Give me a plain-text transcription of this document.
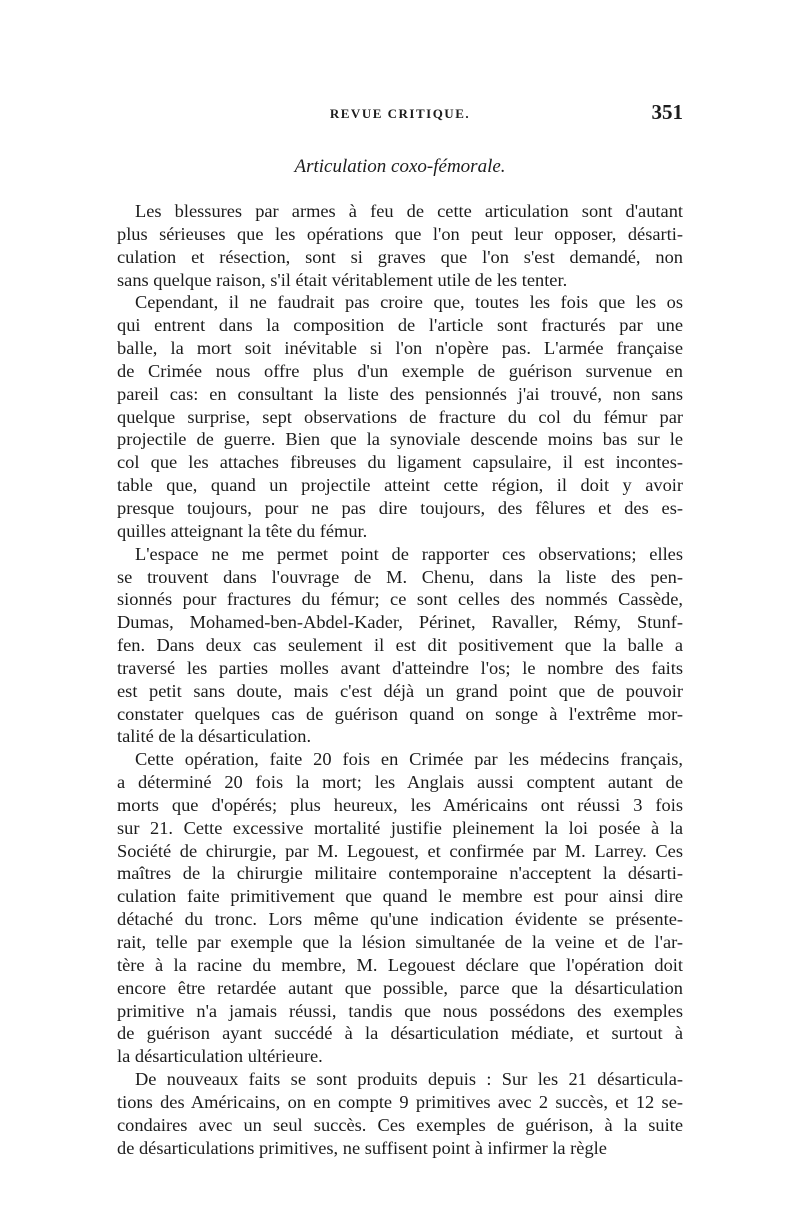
REVUE CRITIQUE.	351
Articulation coxo-fémorale.

Les blessures par armes à feu de cette articulation sont d'autant
plus sérieuses que les opérations que l'on peut leur opposer, désarti-
culation et résection, sont si graves que l'on s'est demandé, non
sans quelque raison, s'il était véritablement utile de les tenter.

Cependant, il ne faudrait pas croire que, toutes les fois que les os
qui entrent dans la composition de l'article sont fracturés par une
balle, la mort soit inévitable si l'on n'opère pas. L'armée française
de Crimée nous offre plus d'un exemple de guérison survenue en
pareil cas: en consultant la liste des pensionnés j'ai trouvé, non sans
quelque surprise, sept observations de fracture du col du fémur par
projectile de guerre. Bien que la synoviale descende moins bas sur le
col que les attaches fibreuses du ligament capsulaire, il est incontes-
table que, quand un projectile atteint cette région, il doit y avoir
presque toujours, pour ne pas dire toujours, des fêlures et des es-
quilles atteignant la tête du fémur.

L'espace ne me permet point de rapporter ces observations; elles
se trouvent dans l'ouvrage de M. Chenu, dans la liste des pen-
sionnés pour fractures du fémur; ce sont celles des nommés Cassède,
Dumas, Mohamed-ben-Abdel-Kader, Périnet, Ravaller, Rémy, Stunf-
fen. Dans deux cas seulement il est dit positivement que la balle a
traversé les parties molles avant d'atteindre l'os; le nombre des faits
est petit sans doute, mais c'est déjà un grand point que de pouvoir
constater quelques cas de guérison quand on songe à l'extrême mor-
talité de la désarticulation.

Cette opération, faite 20 fois en Crimée par les médecins français,
a déterminé 20 fois la mort; les Anglais aussi comptent autant de
morts que d'opérés; plus heureux, les Américains ont réussi 3 fois
sur 21. Cette excessive mortalité justifie pleinement la loi posée à la
Société de chirurgie, par M. Legouest, et confirmée par M. Larrey. Ces
maîtres de la chirurgie militaire contemporaine n'acceptent la désarti-
culation faite primitivement que quand le membre est pour ainsi dire
détaché du tronc. Lors même qu'une indication évidente se présente-
rait, telle par exemple que la lésion simultanée de la veine et de l'ar-
tère à la racine du membre, M. Legouest déclare que l'opération doit
encore être retardée autant que possible, parce que la désarticulation
primitive n'a jamais réussi, tandis que nous possédons des exemples
de guérison ayant succédé à la désarticulation médiate, et surtout à
la désarticulation ultérieure.

De nouveaux faits se sont produits depuis : Sur les 21 désarticula-
tions des Américains, on en compte 9 primitives avec 2 succès, et 12 se-
condaires avec un seul succès. Ces exemples de guérison, à la suite
de désarticulations primitives, ne suffisent point à infirmer la règle
